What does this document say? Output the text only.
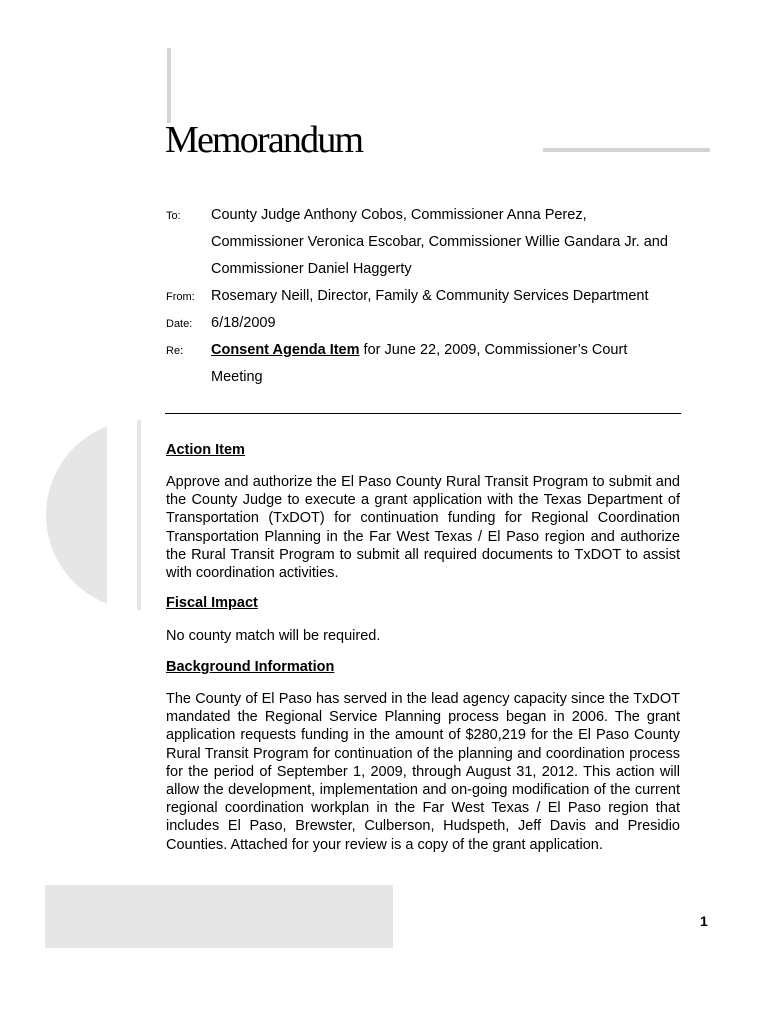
Memorandum
To: County Judge Anthony Cobos, Commissioner Anna Perez,
Commissioner Veronica Escobar, Commissioner Willie Gandara Jr. and
Commissioner Daniel Haggerty
From: Rosemary Neill, Director, Family & Community Services Department
Date: 6/18/2009
Re: Consent Agenda Item for June 22, 2009, Commissioner’s Court
Meeting
Action Item
Approve and authorize the El Paso County Rural Transit Program to submit and the County Judge to execute a grant application with the Texas Department of Transportation (TxDOT) for continuation funding for Regional Coordination Transportation Planning in the Far West Texas / El Paso region and authorize the Rural Transit Program to submit all required documents to TxDOT to assist with coordination activities.
Fiscal Impact
No county match will be required.
Background Information
The County of El Paso has served in the lead agency capacity since the TxDOT mandated the Regional Service Planning process began in 2006. The grant application requests funding in the amount of $280,219 for the El Paso County Rural Transit Program for continuation of the planning and coordination process for the period of September 1, 2009, through August 31, 2012. This action will allow the development, implementation and on-going modification of the current regional coordination workplan in the Far West Texas / El Paso region that includes El Paso, Brewster, Culberson, Hudspeth, Jeff Davis and Presidio Counties. Attached for your review is a copy of the grant application.
1
